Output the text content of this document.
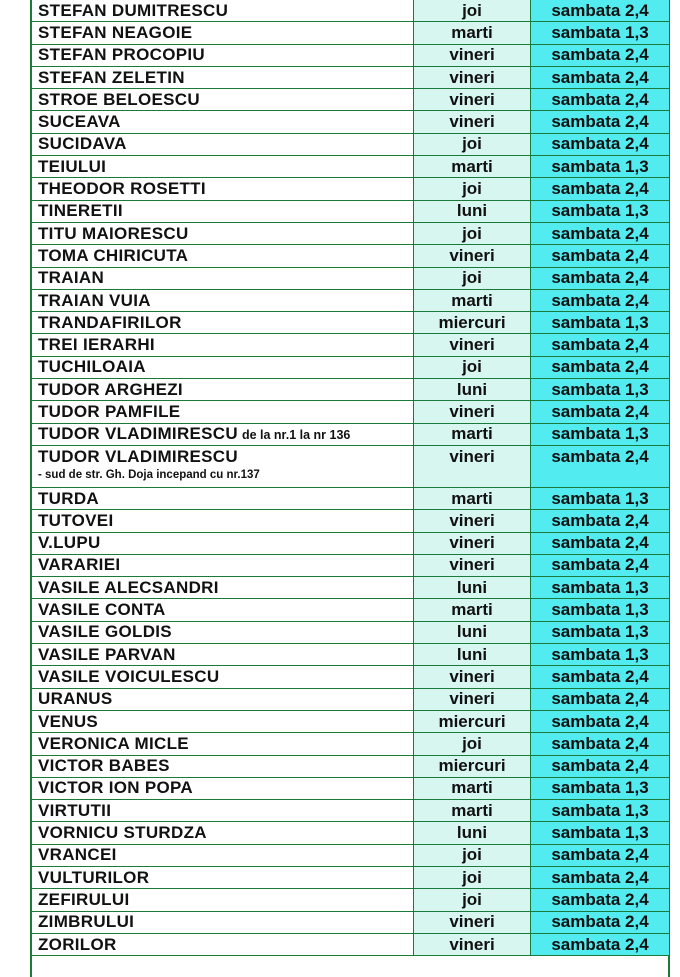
STEFAN DUMITRESCU	joi	sambata 2,4
STEFAN NEAGOIE	marti	sambata 1,3
STEFAN PROCOPIU	vineri	sambata 2,4
STEFAN ZELETIN	vineri	sambata 2,4
STROE BELOESCU	vineri	sambata 2,4
SUCEAVA	vineri	sambata 2,4
SUCIDAVA	joi	sambata 2,4
TEIULUI	marti	sambata 1,3
THEODOR ROSETTI	joi	sambata 2,4
TINERETII	luni	sambata 1,3
TITU MAIORESCU	joi	sambata 2,4
TOMA CHIRICUTA	vineri	sambata 2,4
TRAIAN	joi	sambata 2,4
TRAIAN VUIA	marti	sambata 2,4
TRANDAFIRILOR	miercuri	sambata 1,3
TREI IERARHI	vineri	sambata 2,4
TUCHILOAIA	joi	sambata 2,4
TUDOR ARGHEZI	luni	sambata 1,3
TUDOR PAMFILE	vineri	sambata 2,4
TUDOR VLADIMIRESCU de la nr.1 la nr 136	marti	sambata 1,3
TUDOR VLADIMIRESCU
- sud de str. Gh. Doja incepand cu nr.137	vineri	sambata 2,4
TURDA	marti	sambata 1,3
TUTOVEI	vineri	sambata 2,4
V.LUPU	vineri	sambata 2,4
VARARIEI	vineri	sambata 2,4
VASILE ALECSANDRI	luni	sambata 1,3
VASILE CONTA	marti	sambata 1,3
VASILE GOLDIS	luni	sambata 1,3
VASILE PARVAN	luni	sambata 1,3
VASILE VOICULESCU	vineri	sambata 2,4
URANUS	vineri	sambata 2,4
VENUS	miercuri	sambata 2,4
VERONICA MICLE	joi	sambata 2,4
VICTOR BABES	miercuri	sambata 2,4
VICTOR ION POPA	marti	sambata 1,3
VIRTUTII	marti	sambata 1,3
VORNICU STURDZA	luni	sambata 1,3
VRANCEI	joi	sambata 2,4
VULTURILOR	joi	sambata 2,4
ZEFIRULUI	joi	sambata 2,4
ZIMBRULUI	vineri	sambata 2,4
ZORILOR	vineri	sambata 2,4
